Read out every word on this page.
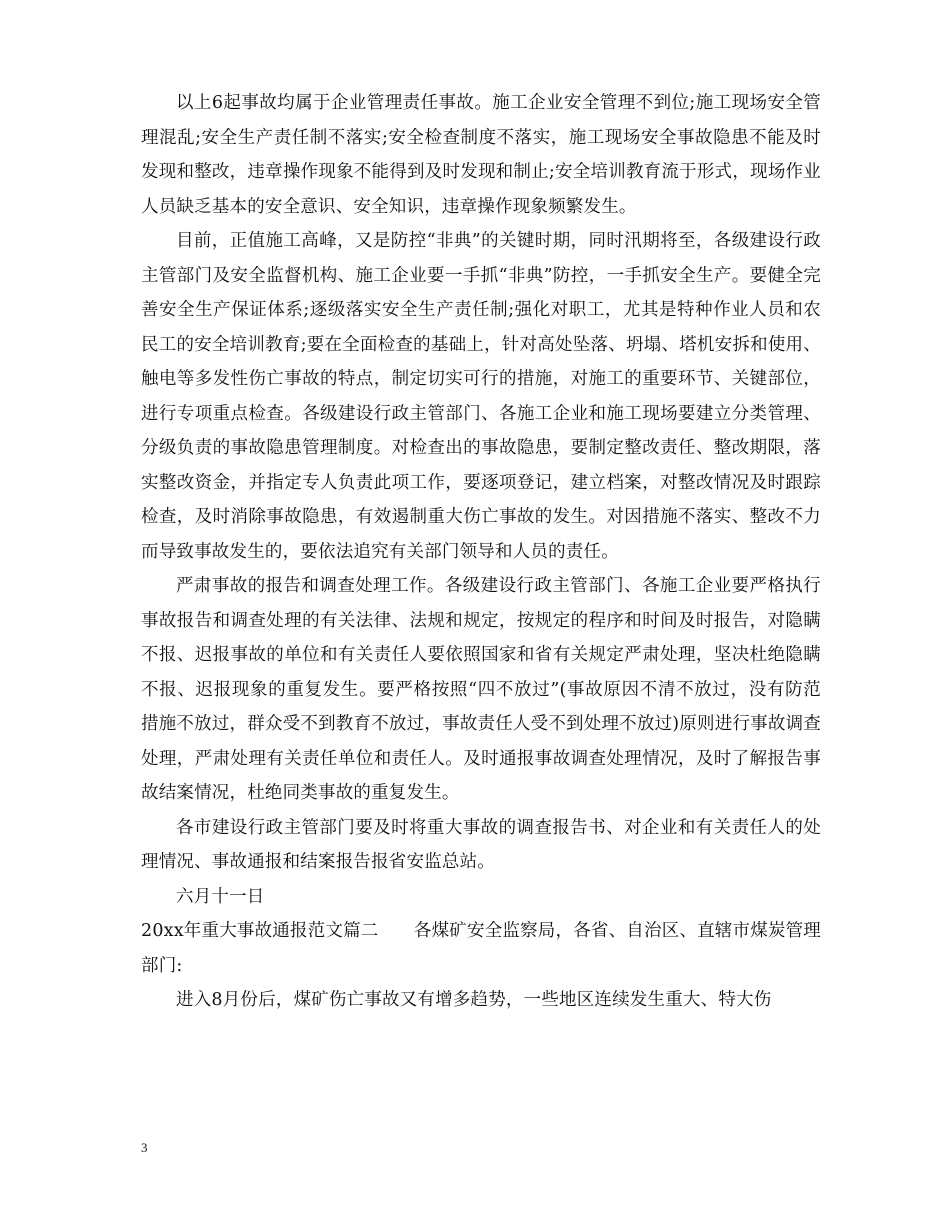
以上6起事故均属于企业管理责任事故。施工企业安全管理不到位;施工现场安全管理混乱;安全生产责任制不落实;安全检查制度不落实，施工现场安全事故隐患不能及时发现和整改，违章操作现象不能得到及时发现和制止;安全培训教育流于形式，现场作业人员缺乏基本的安全意识、安全知识，违章操作现象频繁发生。

目前，正值施工高峰，又是防控“非典”的关键时期，同时汛期将至，各级建设行政主管部门及安全监督机构、施工企业要一手抓“非典”防控，一手抓安全生产。要健全完善安全生产保证体系;逐级落实安全生产责任制;强化对职工，尤其是特种作业人员和农民工的安全培训教育;要在全面检查的基础上，针对高处坠落、坍塌、塔机安拆和使用、触电等多发性伤亡事故的特点，制定切实可行的措施，对施工的重要环节、关键部位，进行专项重点检查。各级建设行政主管部门、各施工企业和施工现场要建立分类管理、分级负责的事故隐患管理制度。对检查出的事故隐患，要制定整改责任、整改期限，落实整改资金，并指定专人负责此项工作，要逐项登记，建立档案，对整改情况及时跟踪检查，及时消除事故隐患，有效遏制重大伤亡事故的发生。对因措施不落实、整改不力而导致事故发生的，要依法追究有关部门领导和人员的责任。

严肃事故的报告和调查处理工作。各级建设行政主管部门、各施工企业要严格执行事故报告和调查处理的有关法律、法规和规定，按规定的程序和时间及时报告，对隐瞒不报、迟报事故的单位和有关责任人要依照国家和省有关规定严肃处理，坚决杜绝隐瞒不报、迟报现象的重复发生。要严格按照“四不放过”(事故原因不清不放过，没有防范措施不放过，群众受不到教育不放过，事故责任人受不到处理不放过)原则进行事故调查处理，严肃处理有关责任单位和责任人。及时通报事故调查处理情况，及时了解报告事故结案情况，杜绝同类事故的重复发生。

各市建设行政主管部门要及时将重大事故的调查报告书、对企业和有关责任人的处理情况、事故通报和结案报告报省安监总站。

六月十一日

20xx年重大事故通报范文篇二　　各煤矿安全监察局，各省、自治区、直辖市煤炭管理部门:

进入8月份后，煤矿伤亡事故又有增多趋势，一些地区连续发生重大、特大伤

3
